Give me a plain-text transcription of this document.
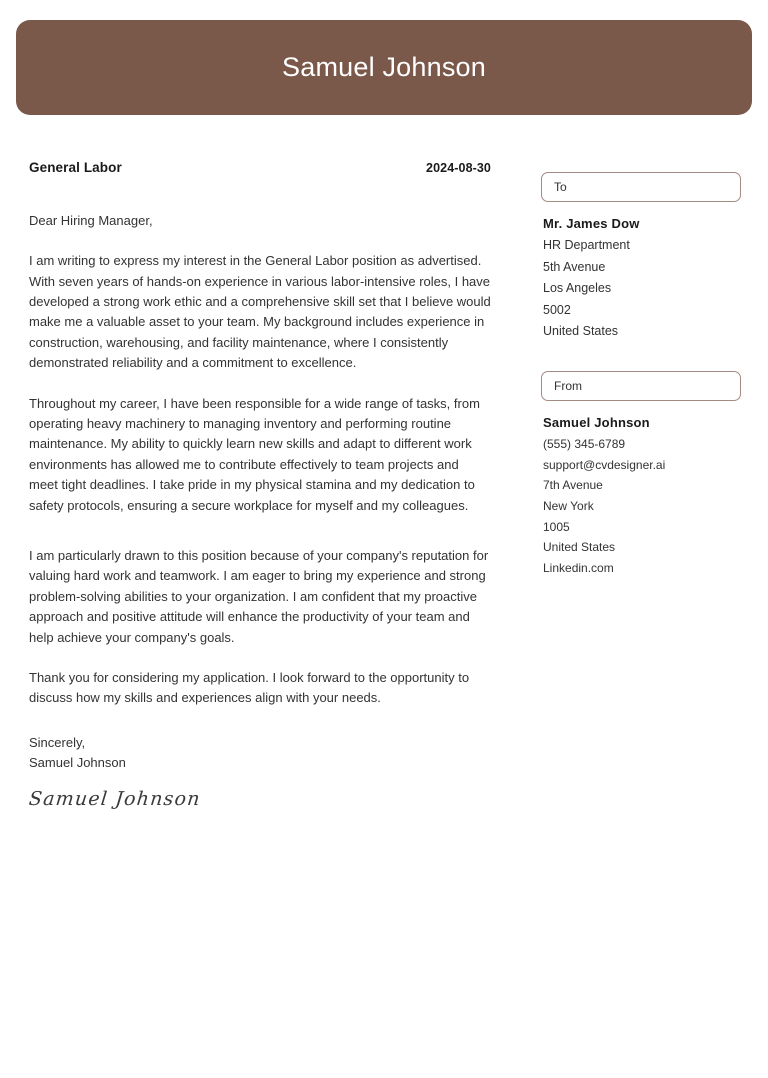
Samuel Johnson
General Labor	2024-08-30
Dear Hiring Manager,
I am writing to express my interest in the General Labor position as advertised. With seven years of hands-on experience in various labor-intensive roles, I have developed a strong work ethic and a comprehensive skill set that I believe would make me a valuable asset to your team. My background includes experience in construction, warehousing, and facility maintenance, where I consistently demonstrated reliability and a commitment to excellence.
Throughout my career, I have been responsible for a wide range of tasks, from operating heavy machinery to managing inventory and performing routine maintenance. My ability to quickly learn new skills and adapt to different work environments has allowed me to contribute effectively to team projects and meet tight deadlines. I take pride in my physical stamina and my dedication to safety protocols, ensuring a secure workplace for myself and my colleagues.
I am particularly drawn to this position because of your company's reputation for valuing hard work and teamwork. I am eager to bring my experience and strong problem-solving abilities to your organization. I am confident that my proactive approach and positive attitude will enhance the productivity of your team and help achieve your company's goals.
Thank you for considering my application. I look forward to the opportunity to discuss how my skills and experiences align with your needs.
Sincerely,
Samuel Johnson
Samuel Johnson
To
Mr. James Dow
HR Department
5th Avenue
Los Angeles
5002
United States
From
Samuel Johnson
(555) 345-6789
support@cvdesigner.ai
7th Avenue
New York
1005
United States
Linkedin.com
